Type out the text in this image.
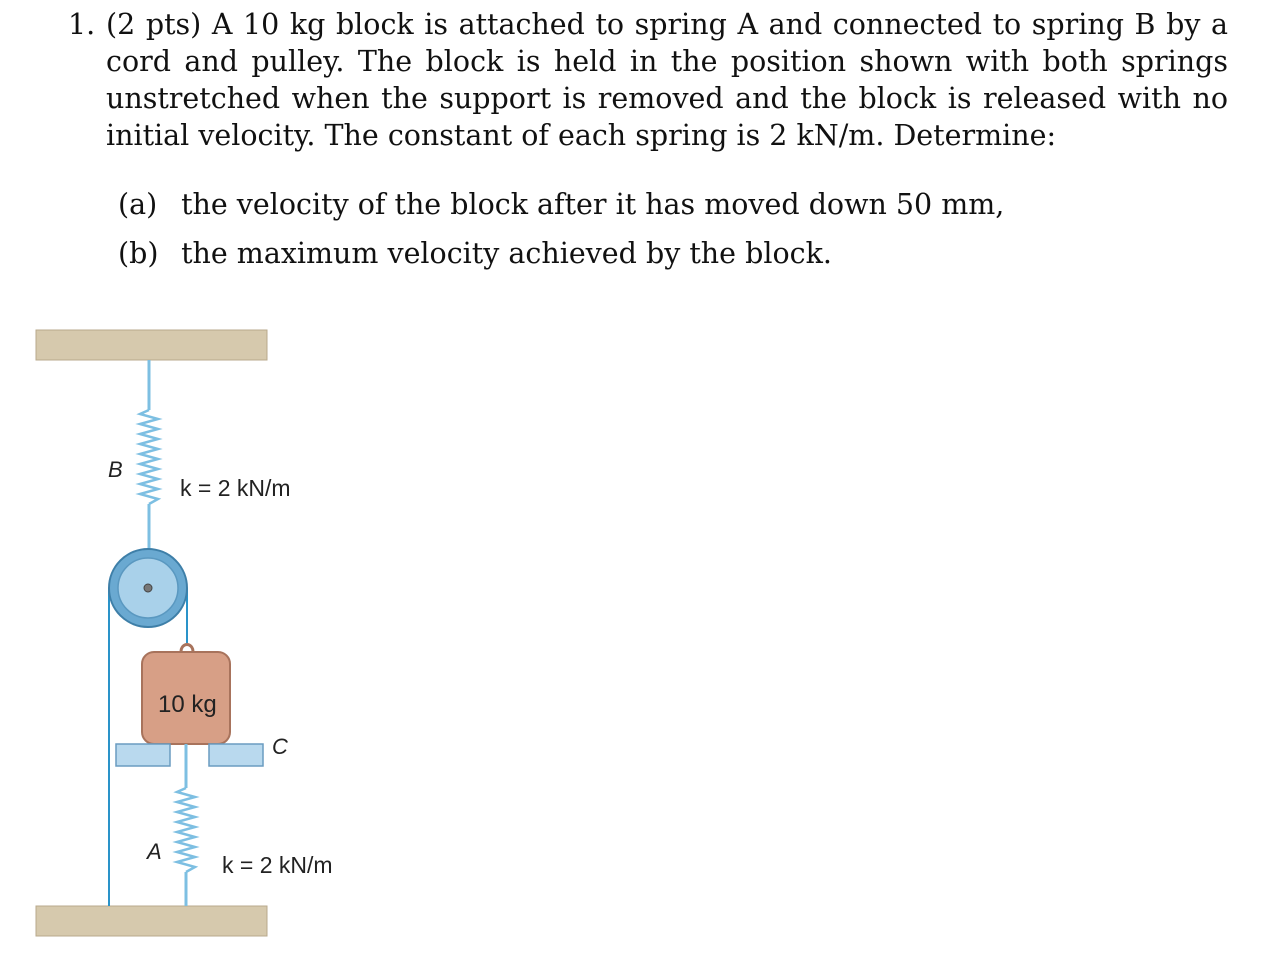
1. (2 pts) A 10 kg block is attached to spring A and connected to spring B by a cord and pulley. The block is held in the position shown with both springs unstretched when the support is removed and the block is released with no initial velocity. The constant of each spring is 2 kN/m. Determine:
(a) the velocity of the block after it has moved down 50 mm,
(b) the maximum velocity achieved by the block.
B
k = 2 kN/m
10 kg
C
A
k = 2 kN/m
